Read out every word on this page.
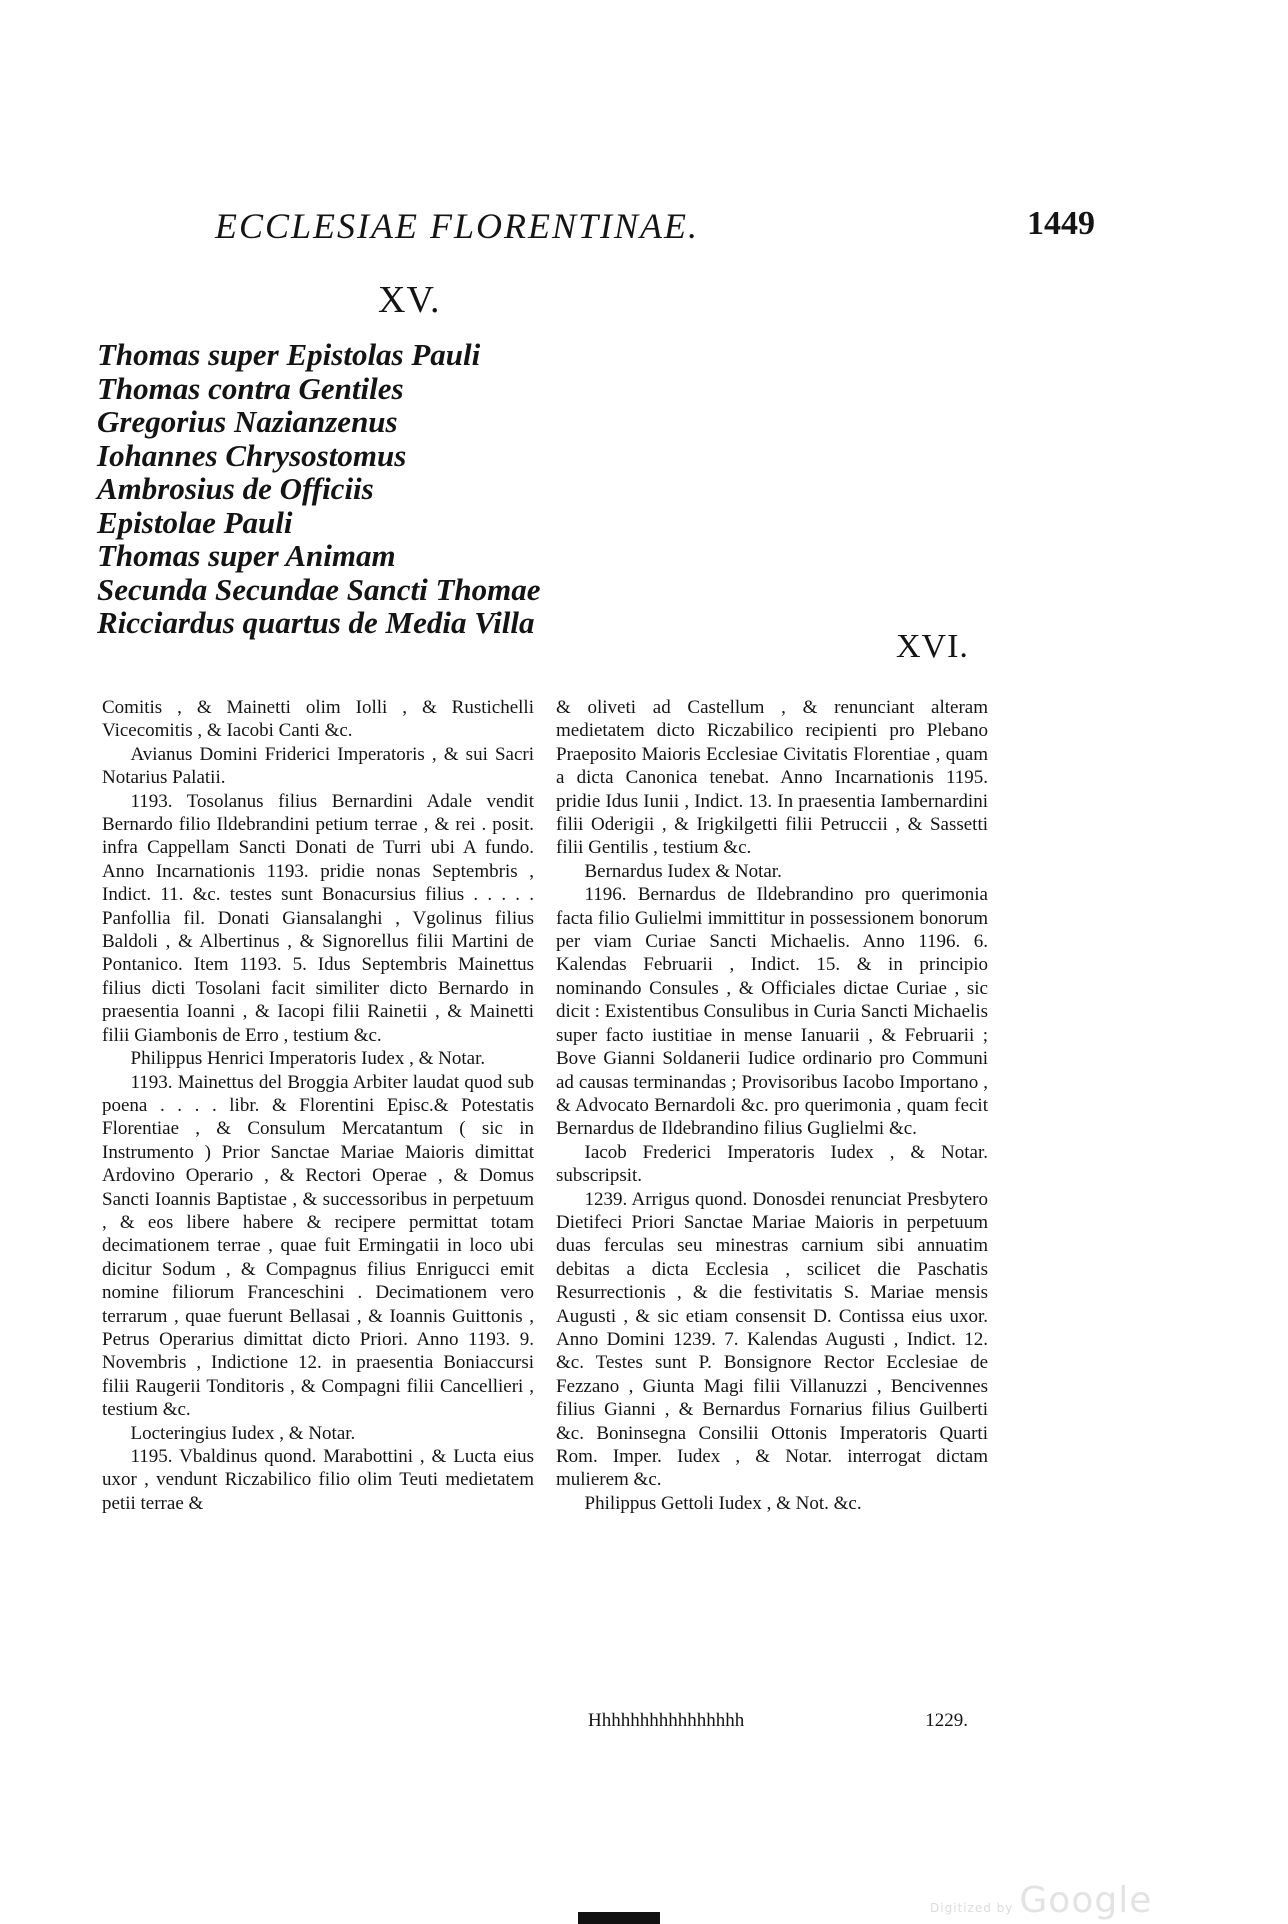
ECCLESIAE FLORENTINAE.	1449
XV.
Thomas super Epistolas Pauli
Thomas contra Gentiles
Gregorius Nazianzenus
Iohannes Chrysostomus
Ambrosius de Officiis
Epistolae Pauli
Thomas super Animam
Secunda Secundae Sancti Thomae
Ricciardus quartus de Media Villa
XVI.

Comitis , & Mainetti olim Iolli , & Rustichelli Vicecomitis , & Iacobi Canti &c.

Avianus Domini Friderici Imperatoris , & sui Sacri Notarius Palatii.

1193. Tosolanus filius Bernardini Adale vendit Bernardo filio Ildebrandini petium terrae , & rei . posit. infra Cappellam Sancti Donati de Turri ubi A fundo. Anno Incarnationis 1193. pridie nonas Septembris , Indict. 11. &c. testes sunt Bonacursius filius . . . . . Panfollia fil. Donati Giansalanghi , Vgolinus filius Baldoli , & Albertinus , & Signorellus filii Martini de Pontanico. Item 1193. 5. Idus Septembris Mainettus filius dicti Tosolani facit similiter dicto Bernardo in praesentia Ioanni , & Iacopi filii Rainetii , & Mainetti filii Giambonis de Erro , testium &c.

Philippus Henrici Imperatoris Iudex , & Notar.

1193. Mainettus del Broggia Arbiter laudat quod sub poena . . . . libr. & Florentini Episc.& Potestatis Florentiae , & Consulum Mercatantum ( sic in Instrumento ) Prior Sanctae Mariae Maioris dimittat Ardovino Operario , & Rectori Operae , & Domus Sancti Ioannis Baptistae , & successoribus in perpetuum , & eos libere habere & recipere permittat totam decimationem terrae , quae fuit Ermingatii in loco ubi dicitur Sodum , & Compagnus filius Enrigucci emit nomine filiorum Franceschini . Decimationem vero terrarum , quae fuerunt Bellasai , & Ioannis Guittonis , Petrus Operarius dimittat dicto Priori. Anno 1193. 9. Novembris , Indictione 12. in praesentia Boniaccursi filii Raugerii Tonditoris , & Compagni filii Cancellieri , testium &c.

Locteringius Iudex , & Notar.

1195. Vbaldinus quond. Marabottini , & Lucta eius uxor , vendunt Riczabilico filio olim Teuti medietatem petii terrae &

& oliveti ad Castellum , & renunciant alteram medietatem dicto Riczabilico recipienti pro Plebano Praeposito Maioris Ecclesiae Civitatis Florentiae , quam a dicta Canonica tenebat. Anno Incarnationis 1195. pridie Idus Iunii , Indict. 13. In praesentia Iambernardini filii Oderigii , & Irigkilgetti filii Petruccii , & Sassetti filii Gentilis , testium &c.

Bernardus Iudex & Notar.

1196. Bernardus de Ildebrandino pro querimonia facta filio Gulielmi immittitur in possessionem bonorum per viam Curiae Sancti Michaelis. Anno 1196. 6. Kalendas Februarii , Indict. 15. & in principio nominando Consules , & Officiales dictae Curiae , sic dicit : Existentibus Consulibus in Curia Sancti Michaelis super facto iustitiae in mense Ianuarii , & Februarii ; Bove Gianni Soldanerii Iudice ordinario pro Communi ad causas terminandas ; Provisoribus Iacobo Importano , & Advocato Bernardoli &c. pro querimonia , quam fecit Bernardus de Ildebrandino filius Guglielmi &c.

Iacob Frederici Imperatoris Iudex , & Notar. subscripsit.

1239. Arrigus quond. Donosdei renunciat Presbytero Dietifeci Priori Sanctae Mariae Maioris in perpetuum duas ferculas seu minestras carnium sibi annuatim debitas a dicta Ecclesia , scilicet die Paschatis Resurrectionis , & die festivitatis S. Mariae mensis Augusti , & sic etiam consensit D. Contissa eius uxor. Anno Domini 1239. 7. Kalendas Augusti , Indict. 12. &c. Testes sunt P. Bonsignore Rector Ecclesiae de Fezzano , Giunta Magi filii Villanuzzi , Bencivennes filius Gianni , & Bernardus Fornarius filius Guilberti &c. Boninsegna Consilii Ottonis Imperatoris Quarti Rom. Imper. Iudex , & Notar. interrogat dictam mulierem &c.

Philippus Gettoli Iudex , & Not. &c.

Hhhhhhhhhhhhhhhh	1229.
Digitized by Google
